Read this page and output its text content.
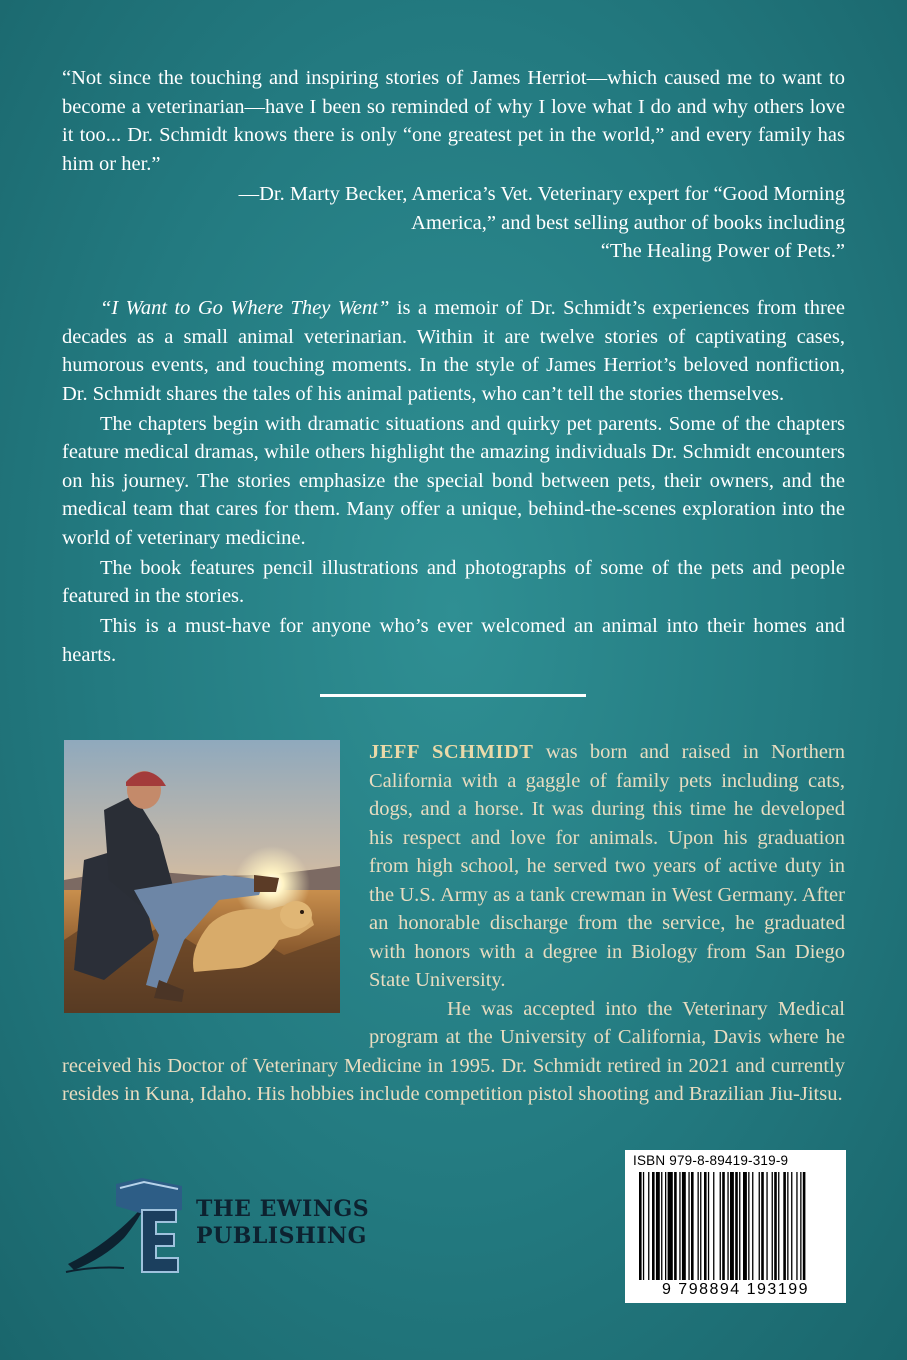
“Not since the touching and inspiring stories of James Herriot—which caused me to want to become a veterinarian—have I been so reminded of why I love what I do and why others love it too... Dr. Schmidt knows there is only “one greatest pet in the world,” and every family has him or her.”

—Dr. Marty Becker, America’s Vet. Veterinary expert for “Good Morning

America,” and best selling author of books including

“The Healing Power of Pets.”

“I Want to Go Where They Went” is a memoir of Dr. Schmidt’s experiences from three decades as a small animal veterinarian. Within it are twelve stories of captivating cases, humorous events, and touching moments. In the style of James Herriot’s beloved nonfiction, Dr. Schmidt shares the tales of his animal patients, who can’t tell the stories themselves.

The chapters begin with dramatic situations and quirky pet parents. Some of the chapters feature medical dramas, while others highlight the amazing individuals Dr. Schmidt encounters on his journey. The stories emphasize the special bond between pets, their owners, and the medical team that cares for them. Many offer a unique, behind-the-scenes exploration into the world of veterinary medicine.

The book features pencil illustrations and photographs of some of the pets and people featured in the stories.

This is a must-have for anyone who’s ever welcomed an animal into their homes and hearts.

JEFF SCHMIDT was born and raised in Northern California with a gaggle of family pets including cats, dogs, and a horse. It was during this time he developed his respect and love for animals. Upon his graduation from high school, he served two years of active duty in the U.S. Army as a tank crewman in West Germany. After an honorable discharge from the service, he graduated with honors with a degree in Biology from San Diego State University.

He was accepted into the Veterinary Medical program at the University of California, Davis where he received his Doctor of Veterinary Medicine in 1995. Dr. Schmidt retired in 2021 and currently resides in Kuna, Idaho. His hobbies include competition pistol shooting and Brazilian Jiu-Jitsu.

THE EWINGS
PUBLISHING
ISBN 979-8-89419-319-9
9 798894 193199
